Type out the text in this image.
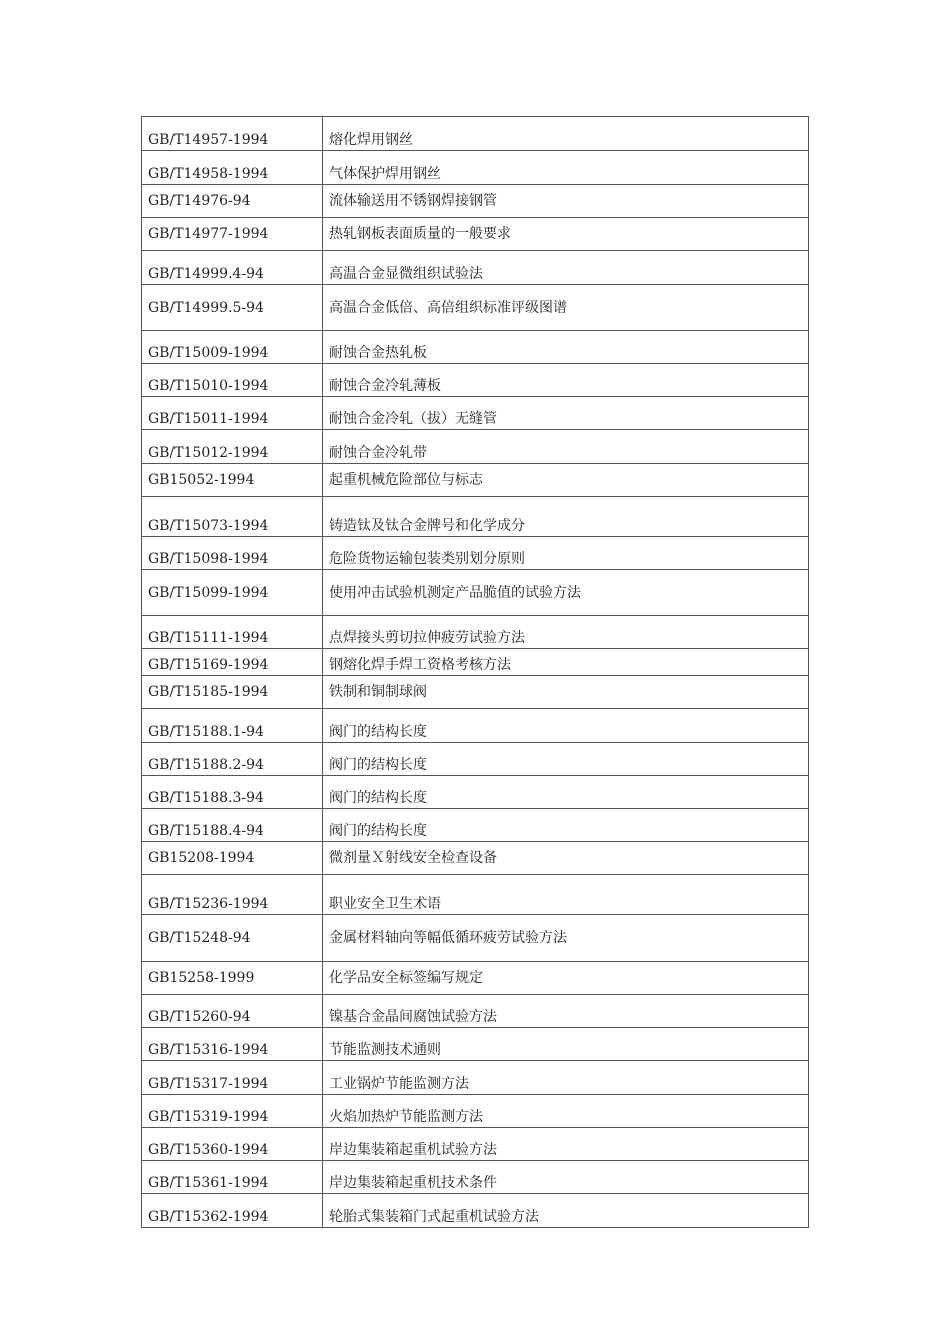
GB/T14957-1994	熔化焊用钢丝
GB/T14958-1994	气体保护焊用钢丝
GB/T14976-94	流体输送用不锈钢焊接钢管
GB/T14977-1994	热轧钢板表面质量的一般要求
GB/T14999.4-94	高温合金显微组织试验法
GB/T14999.5-94	高温合金低倍、高倍组织标准评级图谱
GB/T15009-1994	耐蚀合金热轧板
GB/T15010-1994	耐蚀合金冷轧薄板
GB/T15011-1994	耐蚀合金冷轧（拔）无缝管
GB/T15012-1994	耐蚀合金冷轧带
GB15052-1994	起重机械危险部位与标志
GB/T15073-1994	铸造钛及钛合金牌号和化学成分
GB/T15098-1994	危险货物运输包装类别划分原则
GB/T15099-1994	使用冲击试验机测定产品脆值的试验方法
GB/T15111-1994	点焊接头剪切拉伸疲劳试验方法
GB/T15169-1994	钢熔化焊手焊工资格考核方法
GB/T15185-1994	铁制和铜制球阀
GB/T15188.1-94	阀门的结构长度
GB/T15188.2-94	阀门的结构长度
GB/T15188.3-94	阀门的结构长度
GB/T15188.4-94	阀门的结构长度
GB15208-1994	微剂量Ｘ射线安全检查设备
GB/T15236-1994	职业安全卫生术语
GB/T15248-94	金属材料轴向等幅低循环疲劳试验方法
GB15258-1999	化学品安全标签编写规定
GB/T15260-94	镍基合金晶间腐蚀试验方法
GB/T15316-1994	节能监测技术通则
GB/T15317-1994	工业锅炉节能监测方法
GB/T15319-1994	火焰加热炉节能监测方法
GB/T15360-1994	岸边集装箱起重机试验方法
GB/T15361-1994	岸边集装箱起重机技术条件
GB/T15362-1994	轮胎式集装箱门式起重机试验方法
